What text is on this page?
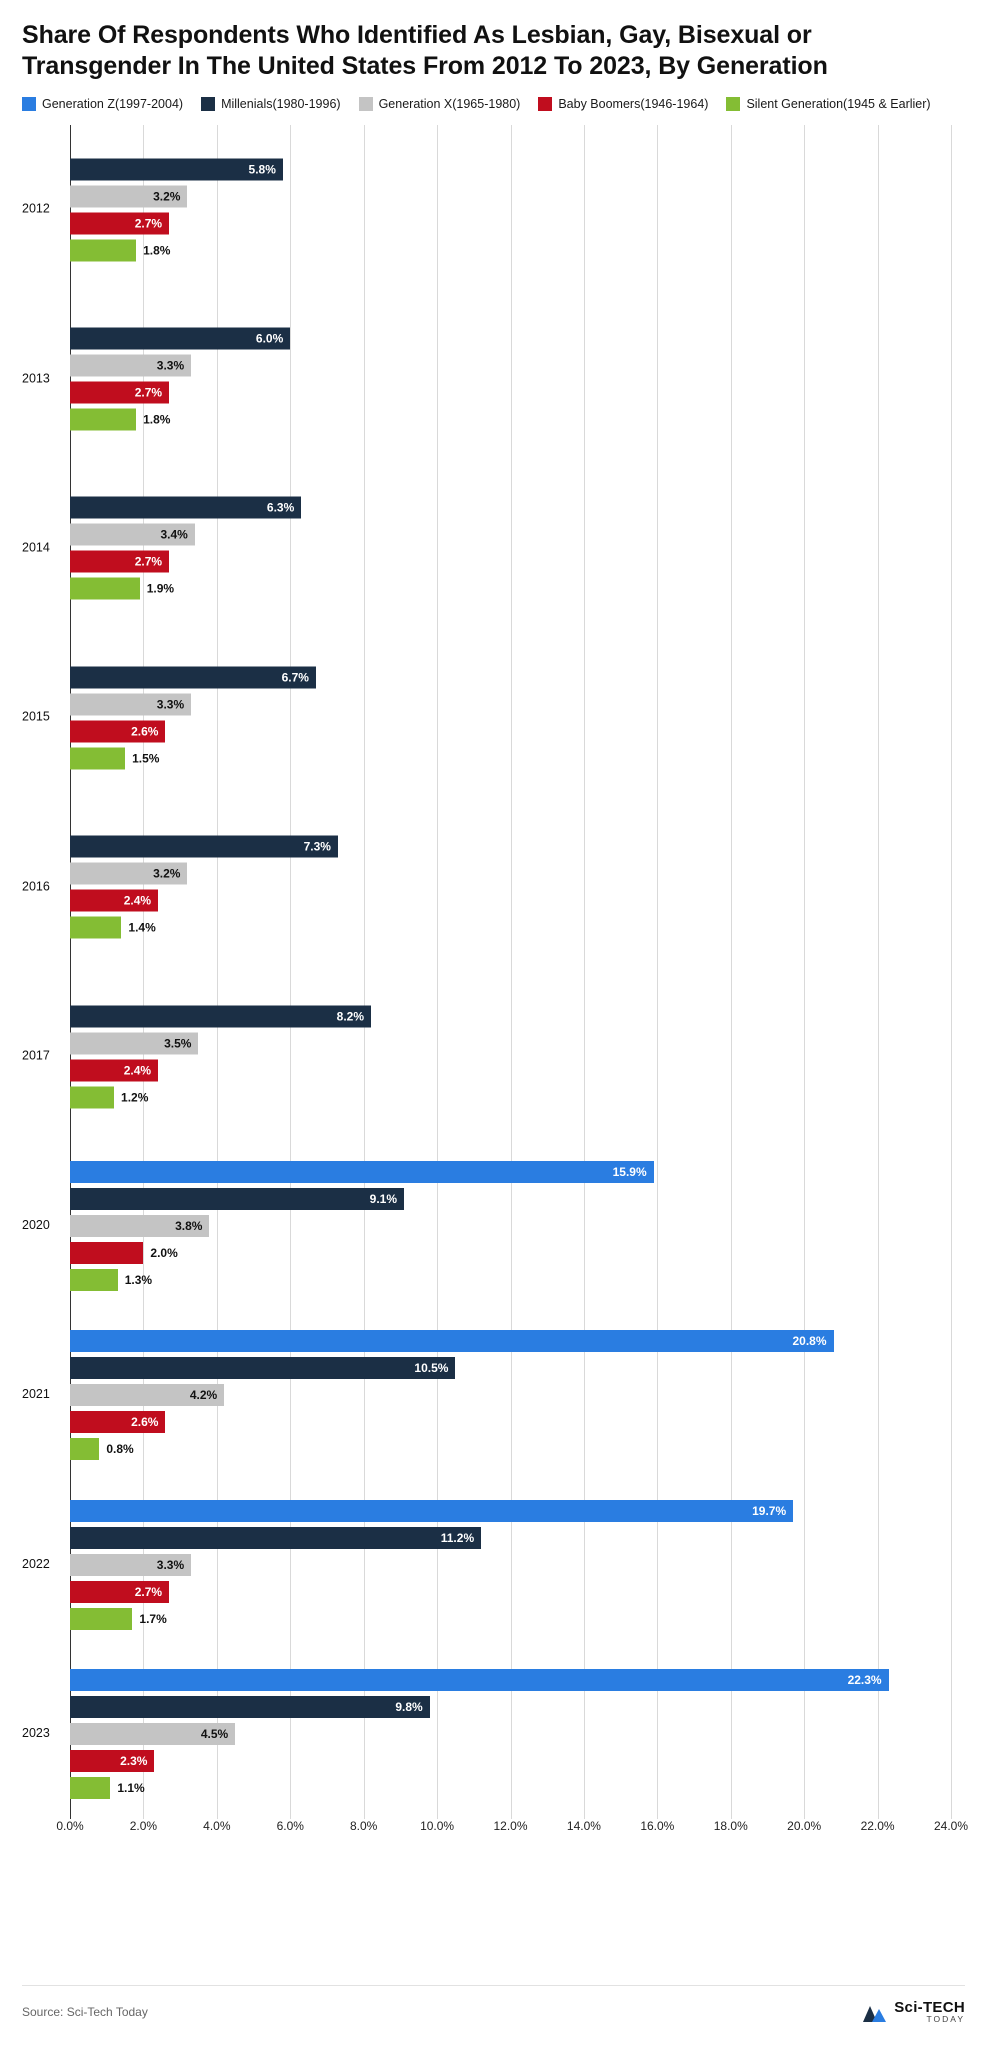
Share Of Respondents Who Identified As Lesbian, Gay, Bisexual or Transgender In The United States From 2012 To 2023, By Generation
Generation Z(1997-2004)	Millenials(1980-1996)	Generation X(1965-1980)	Baby Boomers(1946-1964)	Silent Generation(1945 & Earlier)
2012
5.8%
3.2%
2.7%
1.8%
2013
6.0%
3.3%
2.7%
1.8%
2014
6.3%
3.4%
2.7%
1.9%
2015
6.7%
3.3%
2.6%
1.5%
2016
7.3%
3.2%
2.4%
1.4%
2017
8.2%
3.5%
2.4%
1.2%
2020
15.9%
9.1%
3.8%
2.0%
1.3%
2021
20.8%
10.5%
4.2%
2.6%
0.8%
2022
19.7%
11.2%
3.3%
2.7%
1.7%
2023
22.3%
9.8%
4.5%
2.3%
1.1%
0.0%	2.0%	4.0%	6.0%	8.0%	10.0%	12.0%	14.0%	16.0%	18.0%	20.0%	22.0%	24.0%
Source: Sci-Tech Today	Sci-TECH
TODAY
